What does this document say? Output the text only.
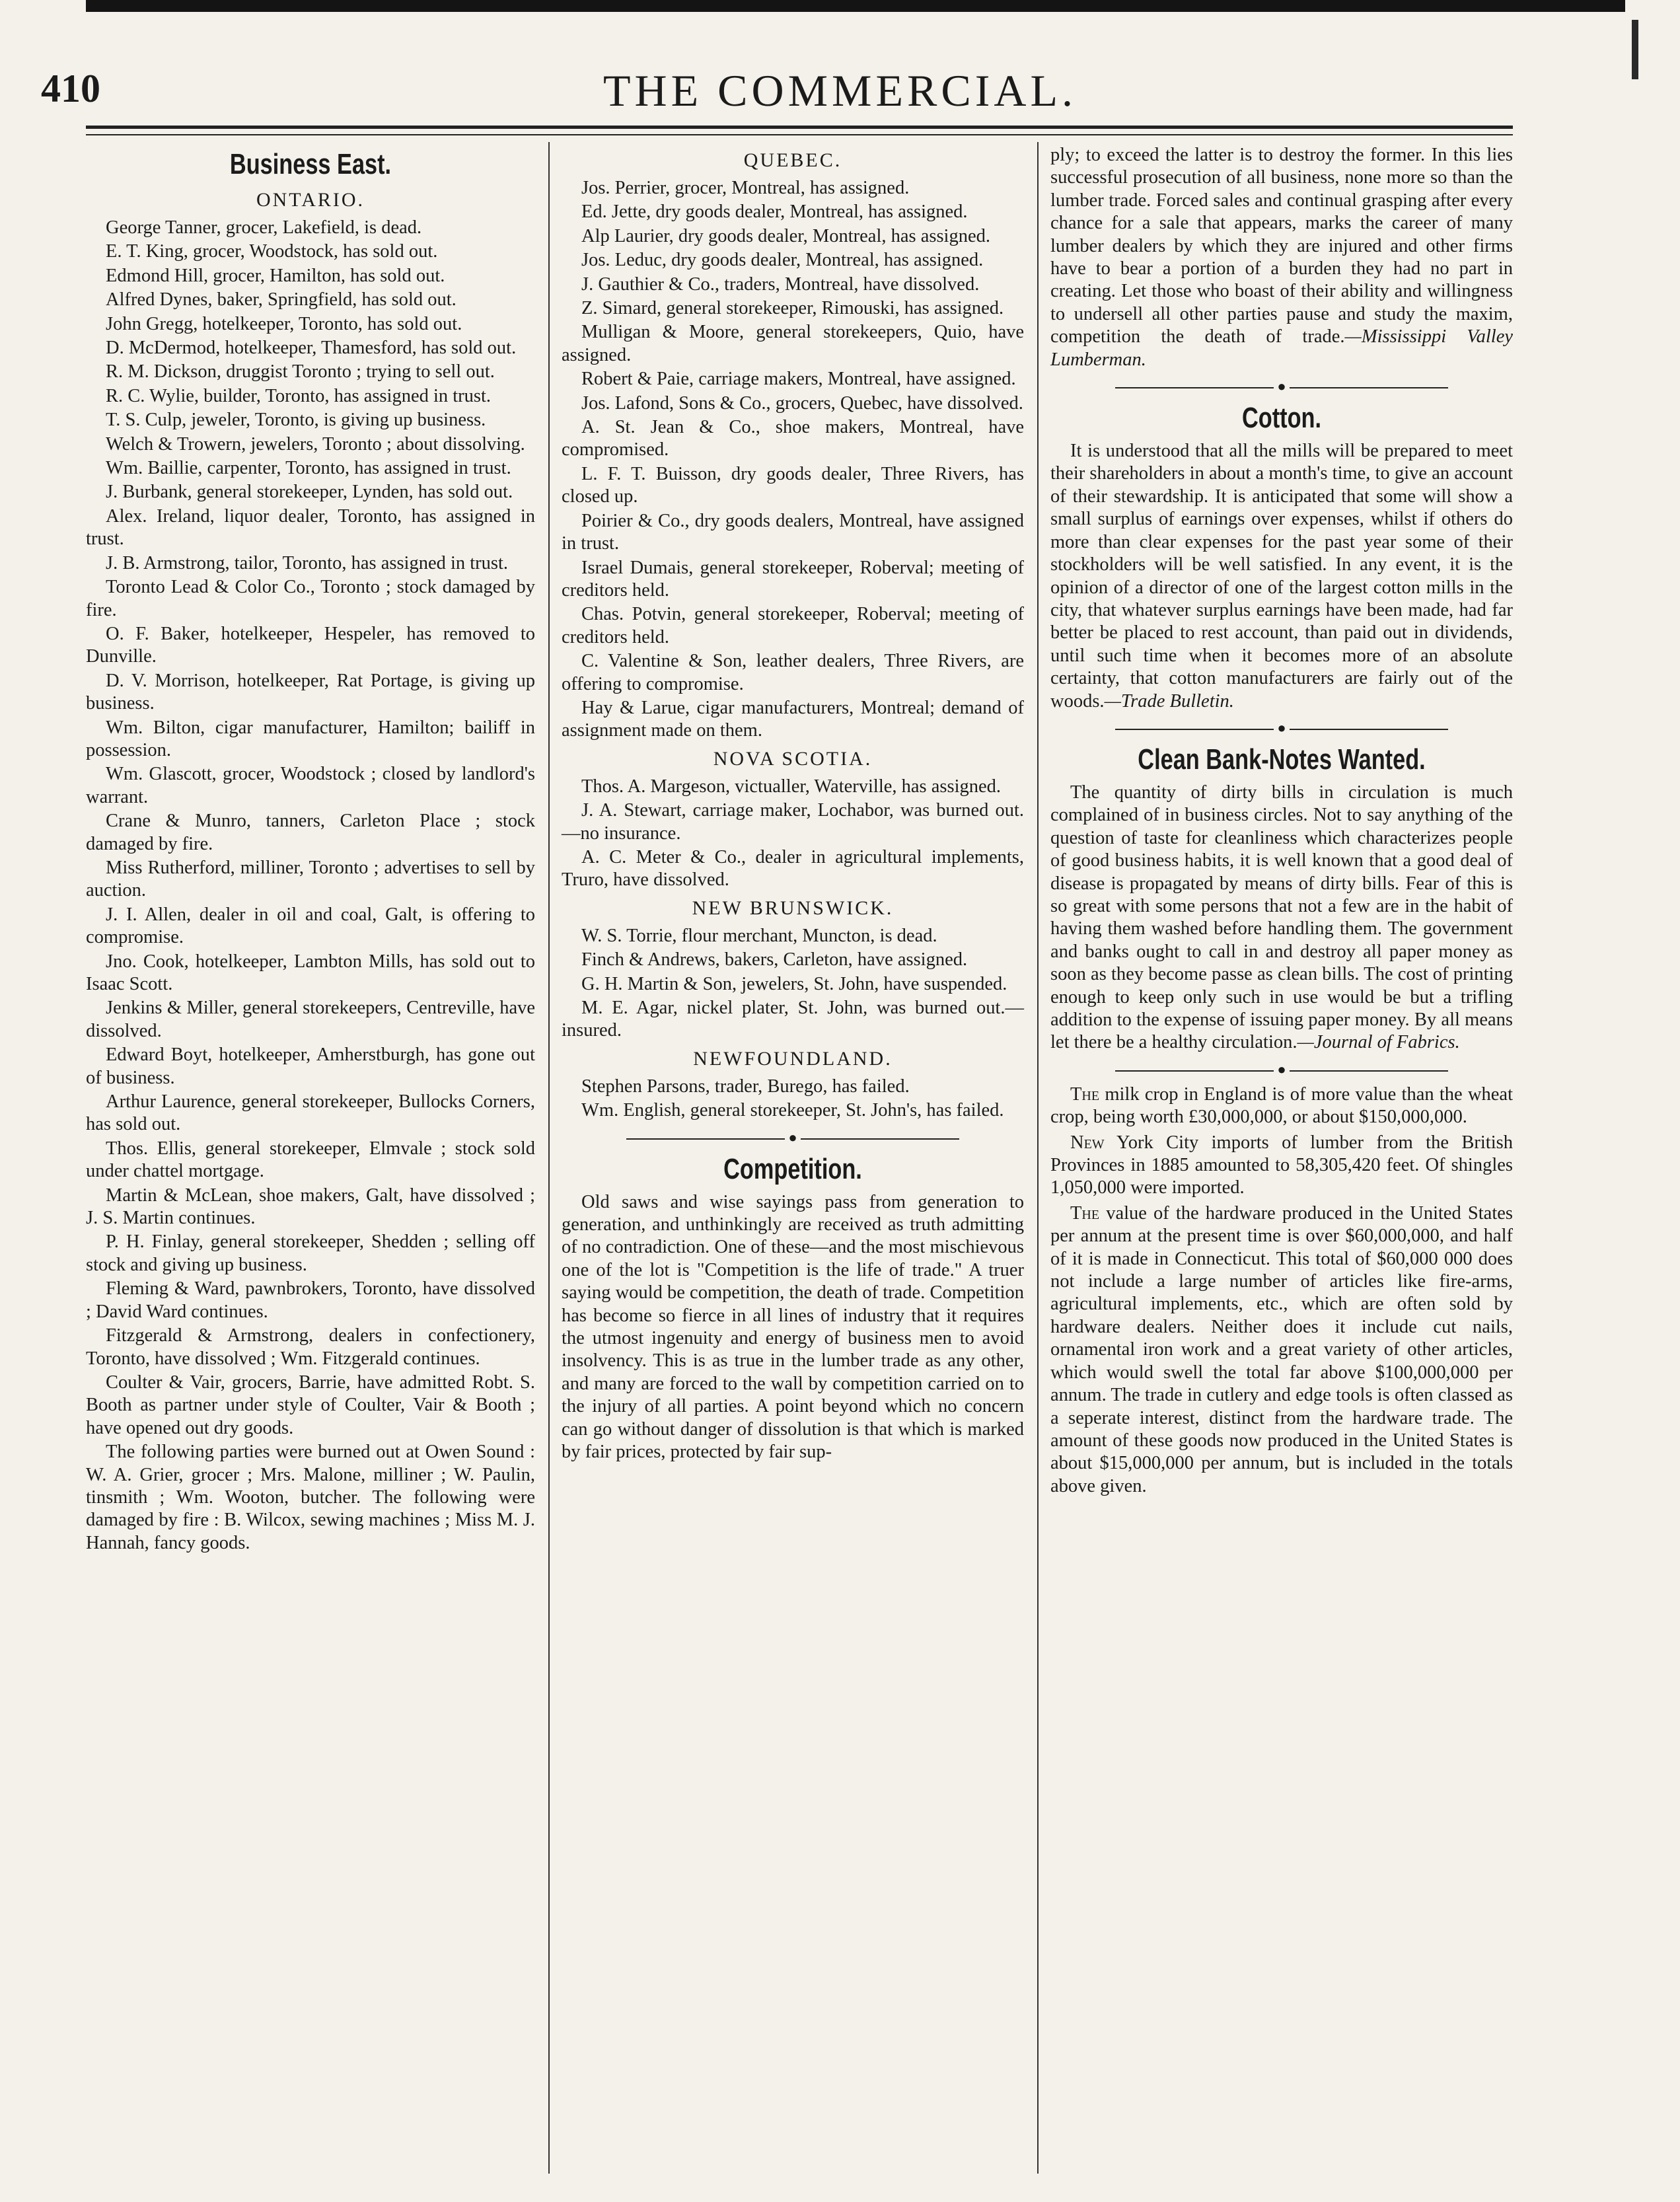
410	THE COMMERCIAL.
Business East.
ONTARIO.

George Tanner, grocer, Lakefield, is dead.

E. T. King, grocer, Woodstock, has sold out.

Edmond Hill, grocer, Hamilton, has sold out.

Alfred Dynes, baker, Springfield, has sold out.

John Gregg, hotelkeeper, Toronto, has sold out.

D. McDermod, hotelkeeper, Thamesford, has sold out.

R. M. Dickson, druggist Toronto ; trying to sell out.

R. C. Wylie, builder, Toronto, has assigned in trust.

T. S. Culp, jeweler, Toronto, is giving up business.

Welch & Trowern, jewelers, Toronto ; about dissolving.

Wm. Baillie, carpenter, Toronto, has assigned in trust.

J. Burbank, general storekeeper, Lynden, has sold out.

Alex. Ireland, liquor dealer, Toronto, has assigned in trust.

J. B. Armstrong, tailor, Toronto, has assigned in trust.

Toronto Lead & Color Co., Toronto ; stock damaged by fire.

O. F. Baker, hotelkeeper, Hespeler, has removed to Dunville.

D. V. Morrison, hotelkeeper, Rat Portage, is giving up business.

Wm. Bilton, cigar manufacturer, Hamilton; bailiff in possession.

Wm. Glascott, grocer, Woodstock ; closed by landlord's warrant.

Crane & Munro, tanners, Carleton Place ; stock damaged by fire.

Miss Rutherford, milliner, Toronto ; advertises to sell by auction.

J. I. Allen, dealer in oil and coal, Galt, is offering to compromise.

Jno. Cook, hotelkeeper, Lambton Mills, has sold out to Isaac Scott.

Jenkins & Miller, general storekeepers, Centreville, have dissolved.

Edward Boyt, hotelkeeper, Amherstburgh, has gone out of business.

Arthur Laurence, general storekeeper, Bullocks Corners, has sold out.

Thos. Ellis, general storekeeper, Elmvale ; stock sold under chattel mortgage.

Martin & McLean, shoe makers, Galt, have dissolved ; J. S. Martin continues.

P. H. Finlay, general storekeeper, Shedden ; selling off stock and giving up business.

Fleming & Ward, pawnbrokers, Toronto, have dissolved ; David Ward continues.

Fitzgerald & Armstrong, dealers in confectionery, Toronto, have dissolved ; Wm. Fitzgerald continues.

Coulter & Vair, grocers, Barrie, have admitted Robt. S. Booth as partner under style of Coulter, Vair & Booth ; have opened out dry goods.

The following parties were burned out at Owen Sound : W. A. Grier, grocer ; Mrs. Malone, milliner ; W. Paulin, tinsmith ; Wm. Wooton, butcher. The following were damaged by fire : B. Wilcox, sewing machines ; Miss M. J. Hannah, fancy goods.

QUEBEC.

Jos. Perrier, grocer, Montreal, has assigned.

Ed. Jette, dry goods dealer, Montreal, has assigned.

Alp Laurier, dry goods dealer, Montreal, has assigned.

Jos. Leduc, dry goods dealer, Montreal, has assigned.

J. Gauthier & Co., traders, Montreal, have dissolved.

Z. Simard, general storekeeper, Rimouski, has assigned.

Mulligan & Moore, general storekeepers, Quio, have assigned.

Robert & Paie, carriage makers, Montreal, have assigned.

Jos. Lafond, Sons & Co., grocers, Quebec, have dissolved.

A. St. Jean & Co., shoe makers, Montreal, have compromised.

L. F. T. Buisson, dry goods dealer, Three Rivers, has closed up.

Poirier & Co., dry goods dealers, Montreal, have assigned in trust.

Israel Dumais, general storekeeper, Roberval; meeting of creditors held.

Chas. Potvin, general storekeeper, Roberval; meeting of creditors held.

C. Valentine & Son, leather dealers, Three Rivers, are offering to compromise.

Hay & Larue, cigar manufacturers, Montreal; demand of assignment made on them.

NOVA SCOTIA.

Thos. A. Margeson, victualler, Waterville, has assigned.

J. A. Stewart, carriage maker, Lochabor, was burned out.—no insurance.

A. C. Meter & Co., dealer in agricultural implements, Truro, have dissolved.

NEW BRUNSWICK.

W. S. Torrie, flour merchant, Muncton, is dead.

Finch & Andrews, bakers, Carleton, have assigned.

G. H. Martin & Son, jewelers, St. John, have suspended.

M. E. Agar, nickel plater, St. John, was burned out.—insured.

NEWFOUNDLAND.

Stephen Parsons, trader, Burego, has failed.

Wm. English, general storekeeper, St. John's, has failed.

●
Competition.

Old saws and wise sayings pass from generation to generation, and unthinkingly are received as truth admitting of no contradiction. One of these—and the most mischievous one of the lot is "Competition is the life of trade." A truer saying would be competition, the death of trade. Competition has become so fierce in all lines of industry that it requires the utmost ingenuity and energy of business men to avoid insolvency. This is as true in the lumber trade as any other, and many are forced to the wall by competition carried on to the injury of all parties. A point beyond which no concern can go without danger of dissolution is that which is marked by fair prices, protected by fair sup-

ply; to exceed the latter is to destroy the former. In this lies successful prosecution of all business, none more so than the lumber trade. Forced sales and continual grasping after every chance for a sale that appears, marks the career of many lumber dealers by which they are injured and other firms have to bear a portion of a burden they had no part in creating. Let those who boast of their ability and willingness to undersell all other parties pause and study the maxim, competition the death of trade.—Mississippi Valley Lumberman.

●
Cotton.

It is understood that all the mills will be prepared to meet their shareholders in about a month's time, to give an account of their stewardship. It is anticipated that some will show a small surplus of earnings over expenses, whilst if others do more than clear expenses for the past year some of their stockholders will be well satisfied. In any event, it is the opinion of a director of one of the largest cotton mills in the city, that whatever surplus earnings have been made, had far better be placed to rest account, than paid out in dividends, until such time when it becomes more of an absolute certainty, that cotton manufacturers are fairly out of the woods.—Trade Bulletin.

●
Clean Bank-Notes Wanted.

The quantity of dirty bills in circulation is much complained of in business circles. Not to say anything of the question of taste for cleanliness which characterizes people of good business habits, it is well known that a good deal of disease is propagated by means of dirty bills. Fear of this is so great with some persons that not a few are in the habit of having them washed before handling them. The government and banks ought to call in and destroy all paper money as soon as they become passe as clean bills. The cost of printing enough to keep only such in use would be but a trifling addition to the expense of issuing paper money. By all means let there be a healthy circulation.—Journal of Fabrics.

●

The milk crop in England is of more value than the wheat crop, being worth £30,000,000, or about $150,000,000.

New York City imports of lumber from the British Provinces in 1885 amounted to 58,305,420 feet. Of shingles 1,050,000 were imported.

The value of the hardware produced in the United States per annum at the present time is over $60,000,000, and half of it is made in Connecticut. This total of $60,000 000 does not include a large number of articles like fire-arms, agricultural implements, etc., which are often sold by hardware dealers. Neither does it include cut nails, ornamental iron work and a great variety of other articles, which would swell the total far above $100,000,000 per annum. The trade in cutlery and edge tools is often classed as a seperate interest, distinct from the hardware trade. The amount of these goods now produced in the United States is about $15,000,000 per annum, but is included in the totals above given.
